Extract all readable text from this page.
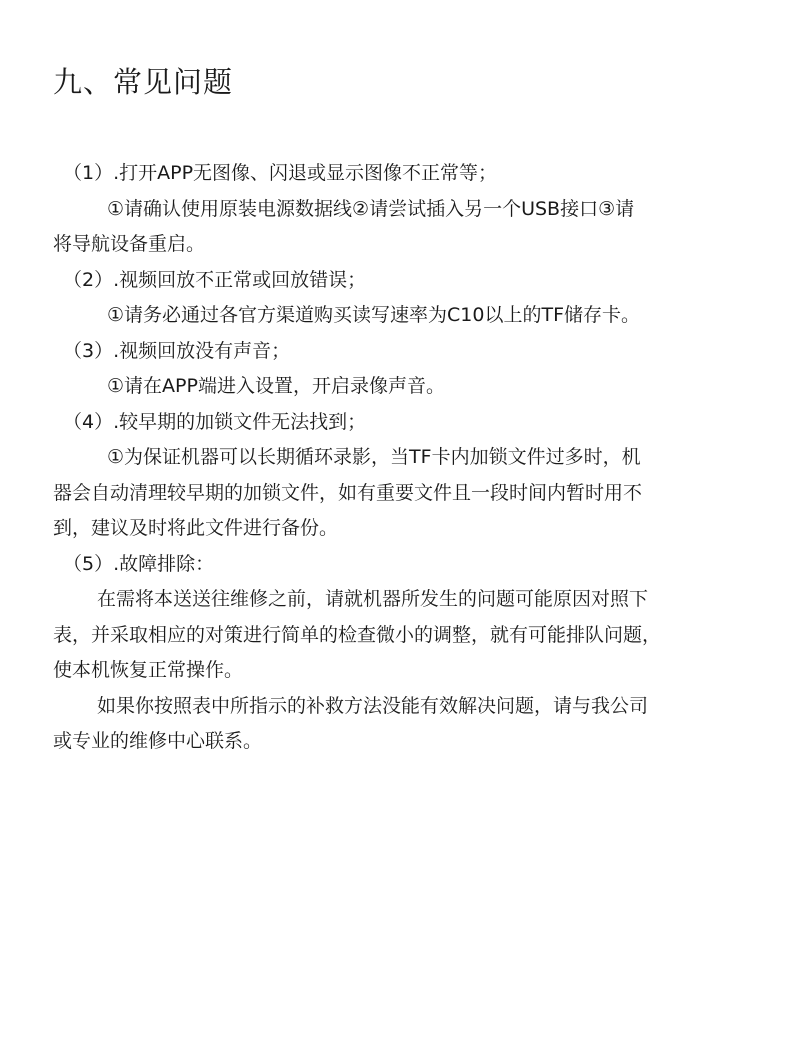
九、常见问题
（1）.打开APP无图像、闪退或显示图像不正常等；
①请确认使用原装电源数据线②请尝试插入另一个USB接口③请
将导航设备重启。
（2）.视频回放不正常或回放错误；
①请务必通过各官方渠道购买读写速率为C10以上的TF储存卡。
（3）.视频回放没有声音；
①请在APP端进入设置，开启录像声音。
（4）.较早期的加锁文件无法找到；
①为保证机器可以长期循环录影，当TF卡内加锁文件过多时，机
器会自动清理较早期的加锁文件，如有重要文件且一段时间内暂时用不
到，建议及时将此文件进行备份。
（5）.故障排除：
在需将本送送往维修之前，请就机器所发生的问题可能原因对照下
表，并采取相应的对策进行简单的检查微小的调整，就有可能排队问题，
使本机恢复正常操作。
如果你按照表中所指示的补救方法没能有效解决问题，请与我公司
或专业的维修中心联系。
